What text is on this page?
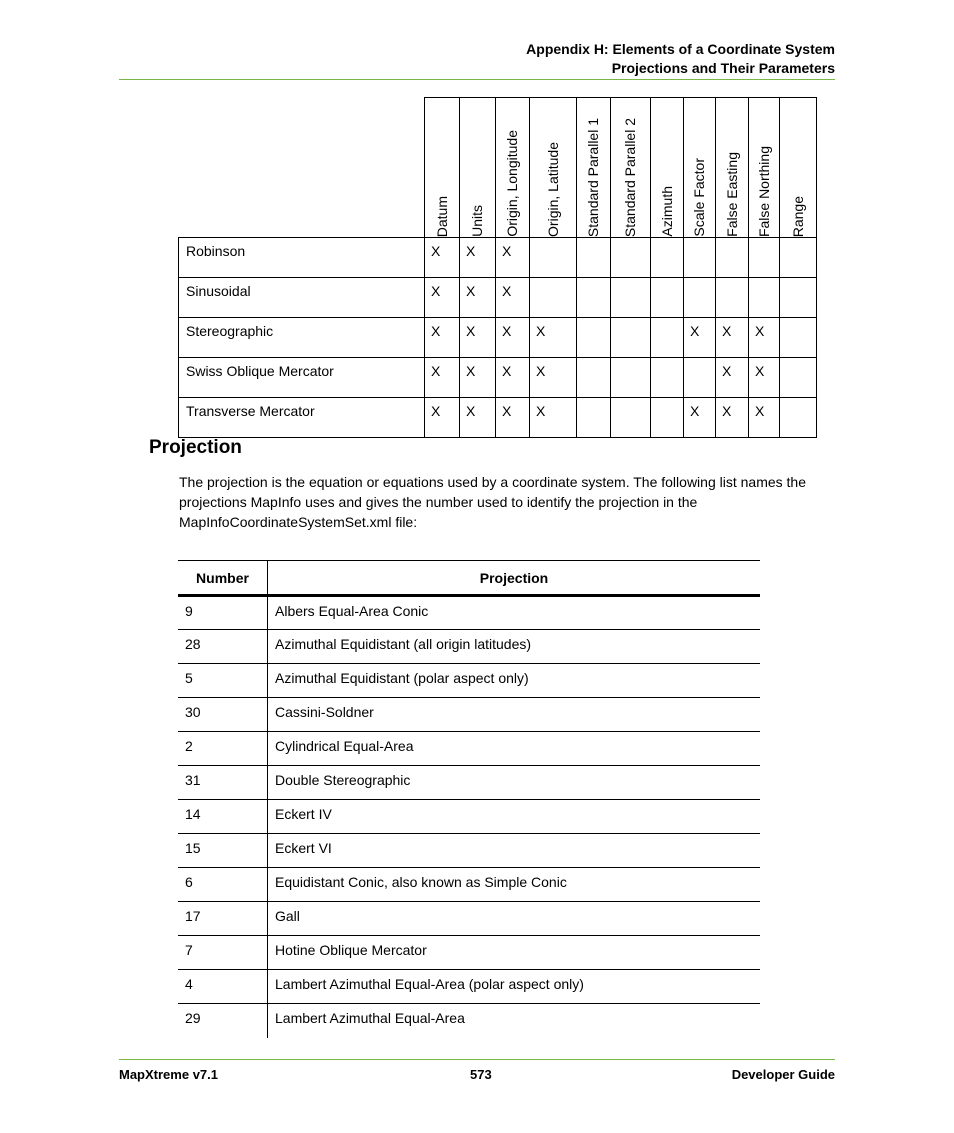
Appendix H: Elements of a Coordinate System
Projections and Their Parameters

	Datum	Units	Origin, Longitude	Origin, Latitude	Standard Parallel 1	Standard Parallel 2	Azimuth	Scale Factor	False Easting	False Northing	Range

Robinson	X	X	X								
Sinusoidal	X	X	X								
Stereographic	X	X	X	X				X	X	X	
Swiss Oblique Mercator	X	X	X	X					X	X	
Transverse Mercator	X	X	X	X				X	X	X	
Projection

The projection is the equation or equations used by a coordinate system. The following list names the projections MapInfo uses and gives the number used to identify the projection in the MapInfoCoordinateSystemSet.xml file:

Number	Projection
9	Albers Equal-Area Conic
28	Azimuthal Equidistant (all origin latitudes)
5	Azimuthal Equidistant (polar aspect only)
30	Cassini-Soldner
2	Cylindrical Equal-Area
31	Double Stereographic
14	Eckert IV
15	Eckert VI
6	Equidistant Conic, also known as Simple Conic
17	Gall
7	Hotine Oblique Mercator
4	Lambert Azimuthal Equal-Area (polar aspect only)
29	Lambert Azimuthal Equal-Area
MapXtreme v7.1	573	Developer Guide
